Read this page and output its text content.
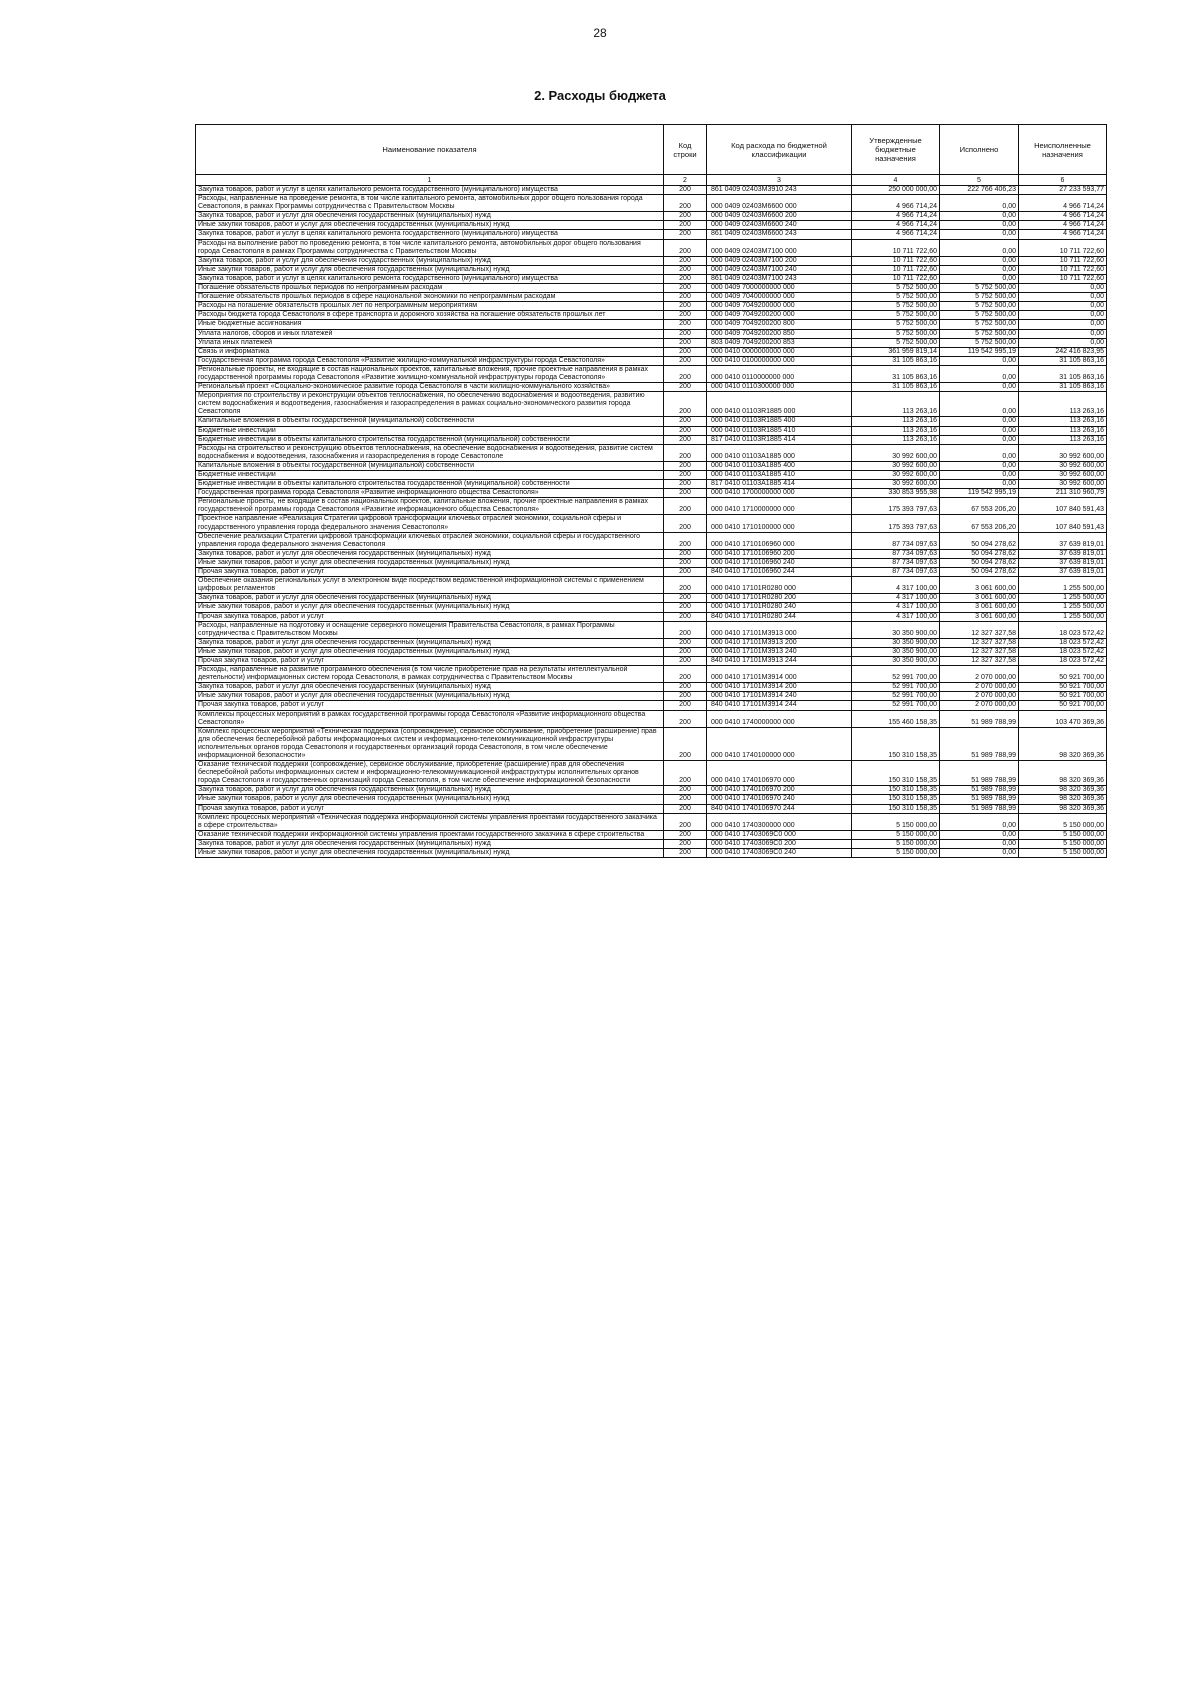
28
2. Расходы бюджета
Наименование показателя	Код строки	Код расхода по бюджетной классификации	Утвержденные бюджетные назначения	Исполнено	Неисполненные назначения
1	2	3	4	5	6
Закупка товаров, работ и услуг в целях капитального ремонта государственного (муниципального) имущества	200	861 0409 02403M3910 243	250 000 000,00	222 766 406,23	27 233 593,77
Расходы, направленные на проведение ремонта, в том числе капитального ремонта, автомобильных дорог общего пользования города Севастополя, в рамках Программы сотрудничества с Правительством Москвы	200	000 0409 02403M6600 000	4 966 714,24	0,00	4 966 714,24
Закупка товаров, работ и услуг для обеспечения государственных (муниципальных) нужд	200	000 0409 02403M6600 200	4 966 714,24	0,00	4 966 714,24
Иные закупки товаров, работ и услуг для обеспечения государственных (муниципальных) нужд	200	000 0409 02403M6600 240	4 966 714,24	0,00	4 966 714,24
Закупка товаров, работ и услуг в целях капитального ремонта государственного (муниципального) имущества	200	861 0409 02403M6600 243	4 966 714,24	0,00	4 966 714,24
Расходы на выполнение работ по проведению ремонта, в том числе капитального ремонта, автомобильных дорог общего пользования города Севастополя в рамках Программы сотрудничества с Правительством Москвы	200	000 0409 02403M7100 000	10 711 722,60	0,00	10 711 722,60
Закупка товаров, работ и услуг для обеспечения государственных (муниципальных) нужд	200	000 0409 02403M7100 200	10 711 722,60	0,00	10 711 722,60
Иные закупки товаров, работ и услуг для обеспечения государственных (муниципальных) нужд	200	000 0409 02403M7100 240	10 711 722,60	0,00	10 711 722,60
Закупка товаров, работ и услуг в целях капитального ремонта государственного (муниципального) имущества	200	861 0409 02403M7100 243	10 711 722,60	0,00	10 711 722,60
Погашение обязательств прошлых периодов по непрограммным расходам	200	000 0409 7000000000 000	5 752 500,00	5 752 500,00	0,00
Погашение обязательств прошлых периодов в сфере национальной экономики по непрограммным расходам	200	000 0409 7040000000 000	5 752 500,00	5 752 500,00	0,00
Расходы на погашение обязательств прошлых лет по непрограммным мероприятиям	200	000 0409 7049200000 000	5 752 500,00	5 752 500,00	0,00
Расходы бюджета города Севастополя в сфере транспорта и дорожного хозяйства на погашение обязательств прошлых лет	200	000 0409 7049200200 000	5 752 500,00	5 752 500,00	0,00
Иные бюджетные ассигнования	200	000 0409 7049200200 800	5 752 500,00	5 752 500,00	0,00
Уплата налогов, сборов и иных платежей	200	000 0409 7049200200 850	5 752 500,00	5 752 500,00	0,00
Уплата иных платежей	200	803 0409 7049200200 853	5 752 500,00	5 752 500,00	0,00
Связь и информатика	200	000 0410 0000000000 000	361 959 819,14	119 542 995,19	242 416 823,95
Государственная программа города Севастополя «Развитие жилищно-коммунальной инфраструктуры города Севастополя»	200	000 0410 0100000000 000	31 105 863,16	0,00	31 105 863,16
Региональные проекты, не входящие в состав национальных проектов, капитальные вложения, прочие проектные направления в рамках государственной программы города Севастополя «Развитие жилищно-коммунальной инфраструктуры города Севастополя»	200	000 0410 0110000000 000	31 105 863,16	0,00	31 105 863,16
Региональный проект «Социально-экономическое развитие города Севастополя в части жилищно-коммунального хозяйства»	200	000 0410 0110300000 000	31 105 863,16	0,00	31 105 863,16
Мероприятия по строительству и реконструкции объектов теплоснабжения, по обеспечению водоснабжения и водоотведения, развитию систем водоснабжения и водоотведения, газоснабжения и газораспределения в рамках социально-экономического развития города Севастополя	200	000 0410 01103R1885 000	113 263,16	0,00	113 263,16
Капитальные вложения в объекты государственной (муниципальной) собственности	200	000 0410 01103R1885 400	113 263,16	0,00	113 263,16
Бюджетные инвестиции	200	000 0410 01103R1885 410	113 263,16	0,00	113 263,16
Бюджетные инвестиции в объекты капитального строительства государственной (муниципальной) собственности	200	817 0410 01103R1885 414	113 263,16	0,00	113 263,16
Расходы на строительство и реконструкцию объектов теплоснабжения, на обеспечение водоснабжения и водоотведения, развитие систем водоснабжения и водоотведения, газоснабжения и газораспределения в городе Севастополе	200	000 0410 01103A1885 000	30 992 600,00	0,00	30 992 600,00
Капитальные вложения в объекты государственной (муниципальной) собственности	200	000 0410 01103A1885 400	30 992 600,00	0,00	30 992 600,00
Бюджетные инвестиции	200	000 0410 01103A1885 410	30 992 600,00	0,00	30 992 600,00
Бюджетные инвестиции в объекты капитального строительства государственной (муниципальной) собственности	200	817 0410 01103A1885 414	30 992 600,00	0,00	30 992 600,00
Государственная программа города Севастополя «Развитие информационного общества Севастополя»	200	000 0410 1700000000 000	330 853 955,98	119 542 995,19	211 310 960,79
Региональные проекты, не входящие в состав национальных проектов, капитальные вложения, прочие проектные направления в рамках государственной программы города Севастополя «Развитие информационного общества Севастополя»	200	000 0410 1710000000 000	175 393 797,63	67 553 206,20	107 840 591,43
Проектное направление «Реализация Стратегии цифровой трансформации ключевых отраслей экономики, социальной сферы и государственного управления города федерального значения Севастополя»	200	000 0410 1710100000 000	175 393 797,63	67 553 206,20	107 840 591,43
Обеспечение реализации Стратегии цифровой трансформации ключевых отраслей экономики, социальной сферы и государственного управления города федерального значения Севастополя	200	000 0410 1710106960 000	87 734 097,63	50 094 278,62	37 639 819,01
Закупка товаров, работ и услуг для обеспечения государственных (муниципальных) нужд	200	000 0410 1710106960 200	87 734 097,63	50 094 278,62	37 639 819,01
Иные закупки товаров, работ и услуг для обеспечения государственных (муниципальных) нужд	200	000 0410 1710106960 240	87 734 097,63	50 094 278,62	37 639 819,01
Прочая закупка товаров, работ и услуг	200	840 0410 1710106960 244	87 734 097,63	50 094 278,62	37 639 819,01
Обеспечение оказания региональных услуг в электронном виде посредством ведомственной информационной системы с применением цифровых регламентов	200	000 0410 17101R0280 000	4 317 100,00	3 061 600,00	1 255 500,00
Закупка товаров, работ и услуг для обеспечения государственных (муниципальных) нужд	200	000 0410 17101R0280 200	4 317 100,00	3 061 600,00	1 255 500,00
Иные закупки товаров, работ и услуг для обеспечения государственных (муниципальных) нужд	200	000 0410 17101R0280 240	4 317 100,00	3 061 600,00	1 255 500,00
Прочая закупка товаров, работ и услуг	200	840 0410 17101R0280 244	4 317 100,00	3 061 600,00	1 255 500,00
Расходы, направленные на подготовку и оснащение серверного помещения Правительства Севастополя, в рамках Программы сотрудничества с Правительством Москвы	200	000 0410 17101M3913 000	30 350 900,00	12 327 327,58	18 023 572,42
Закупка товаров, работ и услуг для обеспечения государственных (муниципальных) нужд	200	000 0410 17101M3913 200	30 350 900,00	12 327 327,58	18 023 572,42
Иные закупки товаров, работ и услуг для обеспечения государственных (муниципальных) нужд	200	000 0410 17101M3913 240	30 350 900,00	12 327 327,58	18 023 572,42
Прочая закупка товаров, работ и услуг	200	840 0410 17101M3913 244	30 350 900,00	12 327 327,58	18 023 572,42
Расходы, направленные на развитие программного обеспечения (в том числе приобретение прав на результаты интеллектуальной деятельности) информационных систем города Севастополя, в рамках сотрудничества с Правительством Москвы	200	000 0410 17101M3914 000	52 991 700,00	2 070 000,00	50 921 700,00
Закупка товаров, работ и услуг для обеспечения государственных (муниципальных) нужд	200	000 0410 17101M3914 200	52 991 700,00	2 070 000,00	50 921 700,00
Иные закупки товаров, работ и услуг для обеспечения государственных (муниципальных) нужд	200	000 0410 17101M3914 240	52 991 700,00	2 070 000,00	50 921 700,00
Прочая закупка товаров, работ и услуг	200	840 0410 17101M3914 244	52 991 700,00	2 070 000,00	50 921 700,00
Комплексы процессных мероприятий в рамках государственной программы города Севастополя «Развитие информационного общества Севастополя»	200	000 0410 1740000000 000	155 460 158,35	51 989 788,99	103 470 369,36
Комплекс процессных мероприятий «Техническая поддержка (сопровождение), сервисное обслуживание, приобретение (расширение) прав для обеспечения бесперебойной работы информационных систем и информационно-телекоммуникационной инфраструктуры исполнительных органов города Севастополя и государственных организаций города Севастополя, в том числе обеспечение информационной безопасности»	200	000 0410 1740100000 000	150 310 158,35	51 989 788,99	98 320 369,36
Оказание технической поддержки (сопровождение), сервисное обслуживание, приобретение (расширение) прав для обеспечения бесперебойной работы информационных систем и информационно-телекоммуникационной инфраструктуры исполнительных органов города Севастополя и государственных организаций города Севастополя, в том числе обеспечение информационной безопасности	200	000 0410 1740106970 000	150 310 158,35	51 989 788,99	98 320 369,36
Закупка товаров, работ и услуг для обеспечения государственных (муниципальных) нужд	200	000 0410 1740106970 200	150 310 158,35	51 989 788,99	98 320 369,36
Иные закупки товаров, работ и услуг для обеспечения государственных (муниципальных) нужд	200	000 0410 1740106970 240	150 310 158,35	51 989 788,99	98 320 369,36
Прочая закупка товаров, работ и услуг	200	840 0410 1740106970 244	150 310 158,35	51 989 788,99	98 320 369,36
Комплекс процессных мероприятий «Техническая поддержка информационной системы управления проектами государственного заказчика в сфере строительства»	200	000 0410 1740300000 000	5 150 000,00	0,00	5 150 000,00
Оказание технической поддержки информационной системы управления проектами государственного заказчика в сфере строительства	200	000 0410 17403069C0 000	5 150 000,00	0,00	5 150 000,00
Закупка товаров, работ и услуг для обеспечения государственных (муниципальных) нужд	200	000 0410 17403069C0 200	5 150 000,00	0,00	5 150 000,00
Иные закупки товаров, работ и услуг для обеспечения государственных (муниципальных) нужд	200	000 0410 17403069C0 240	5 150 000,00	0,00	5 150 000,00
